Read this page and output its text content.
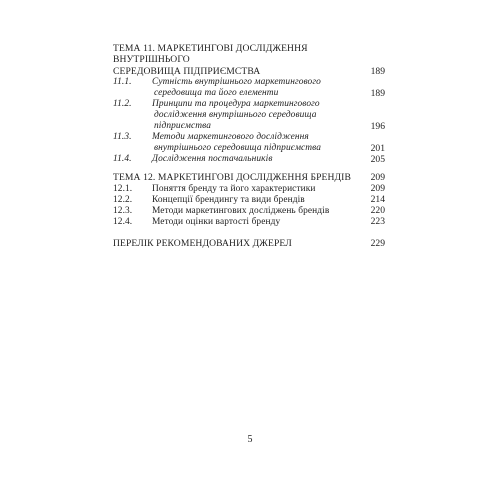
ТЕМА 11. МАРКЕТИНГОВІ ДОСЛІДЖЕННЯ ВНУТРІШНЬОГО
СЕРЕДОВИЩА ПІДПРИЄМСТВА	189
11.1. Сутність внутрішнього маркетингового середовища та його елементи	189
11.2. Принципи та процедура маркетингового дослідження внутрішнього середовища підприємства	196
11.3. Методи маркетингового дослідження внутрішнього середовища підприємства	201
11.4. Дослідження постачальників	205
ТЕМА 12. МАРКЕТИНГОВІ ДОСЛІДЖЕННЯ БРЕНДІВ	209
12.1. Поняття бренду та його характеристики	209
12.2. Концепції брендингу та види брендів	214
12.3. Методи маркетингових досліджень брендів	220
12.4. Методи оцінки вартості бренду	223
ПЕРЕЛІК РЕКОМЕНДОВАНИХ ДЖЕРЕЛ	229
5
